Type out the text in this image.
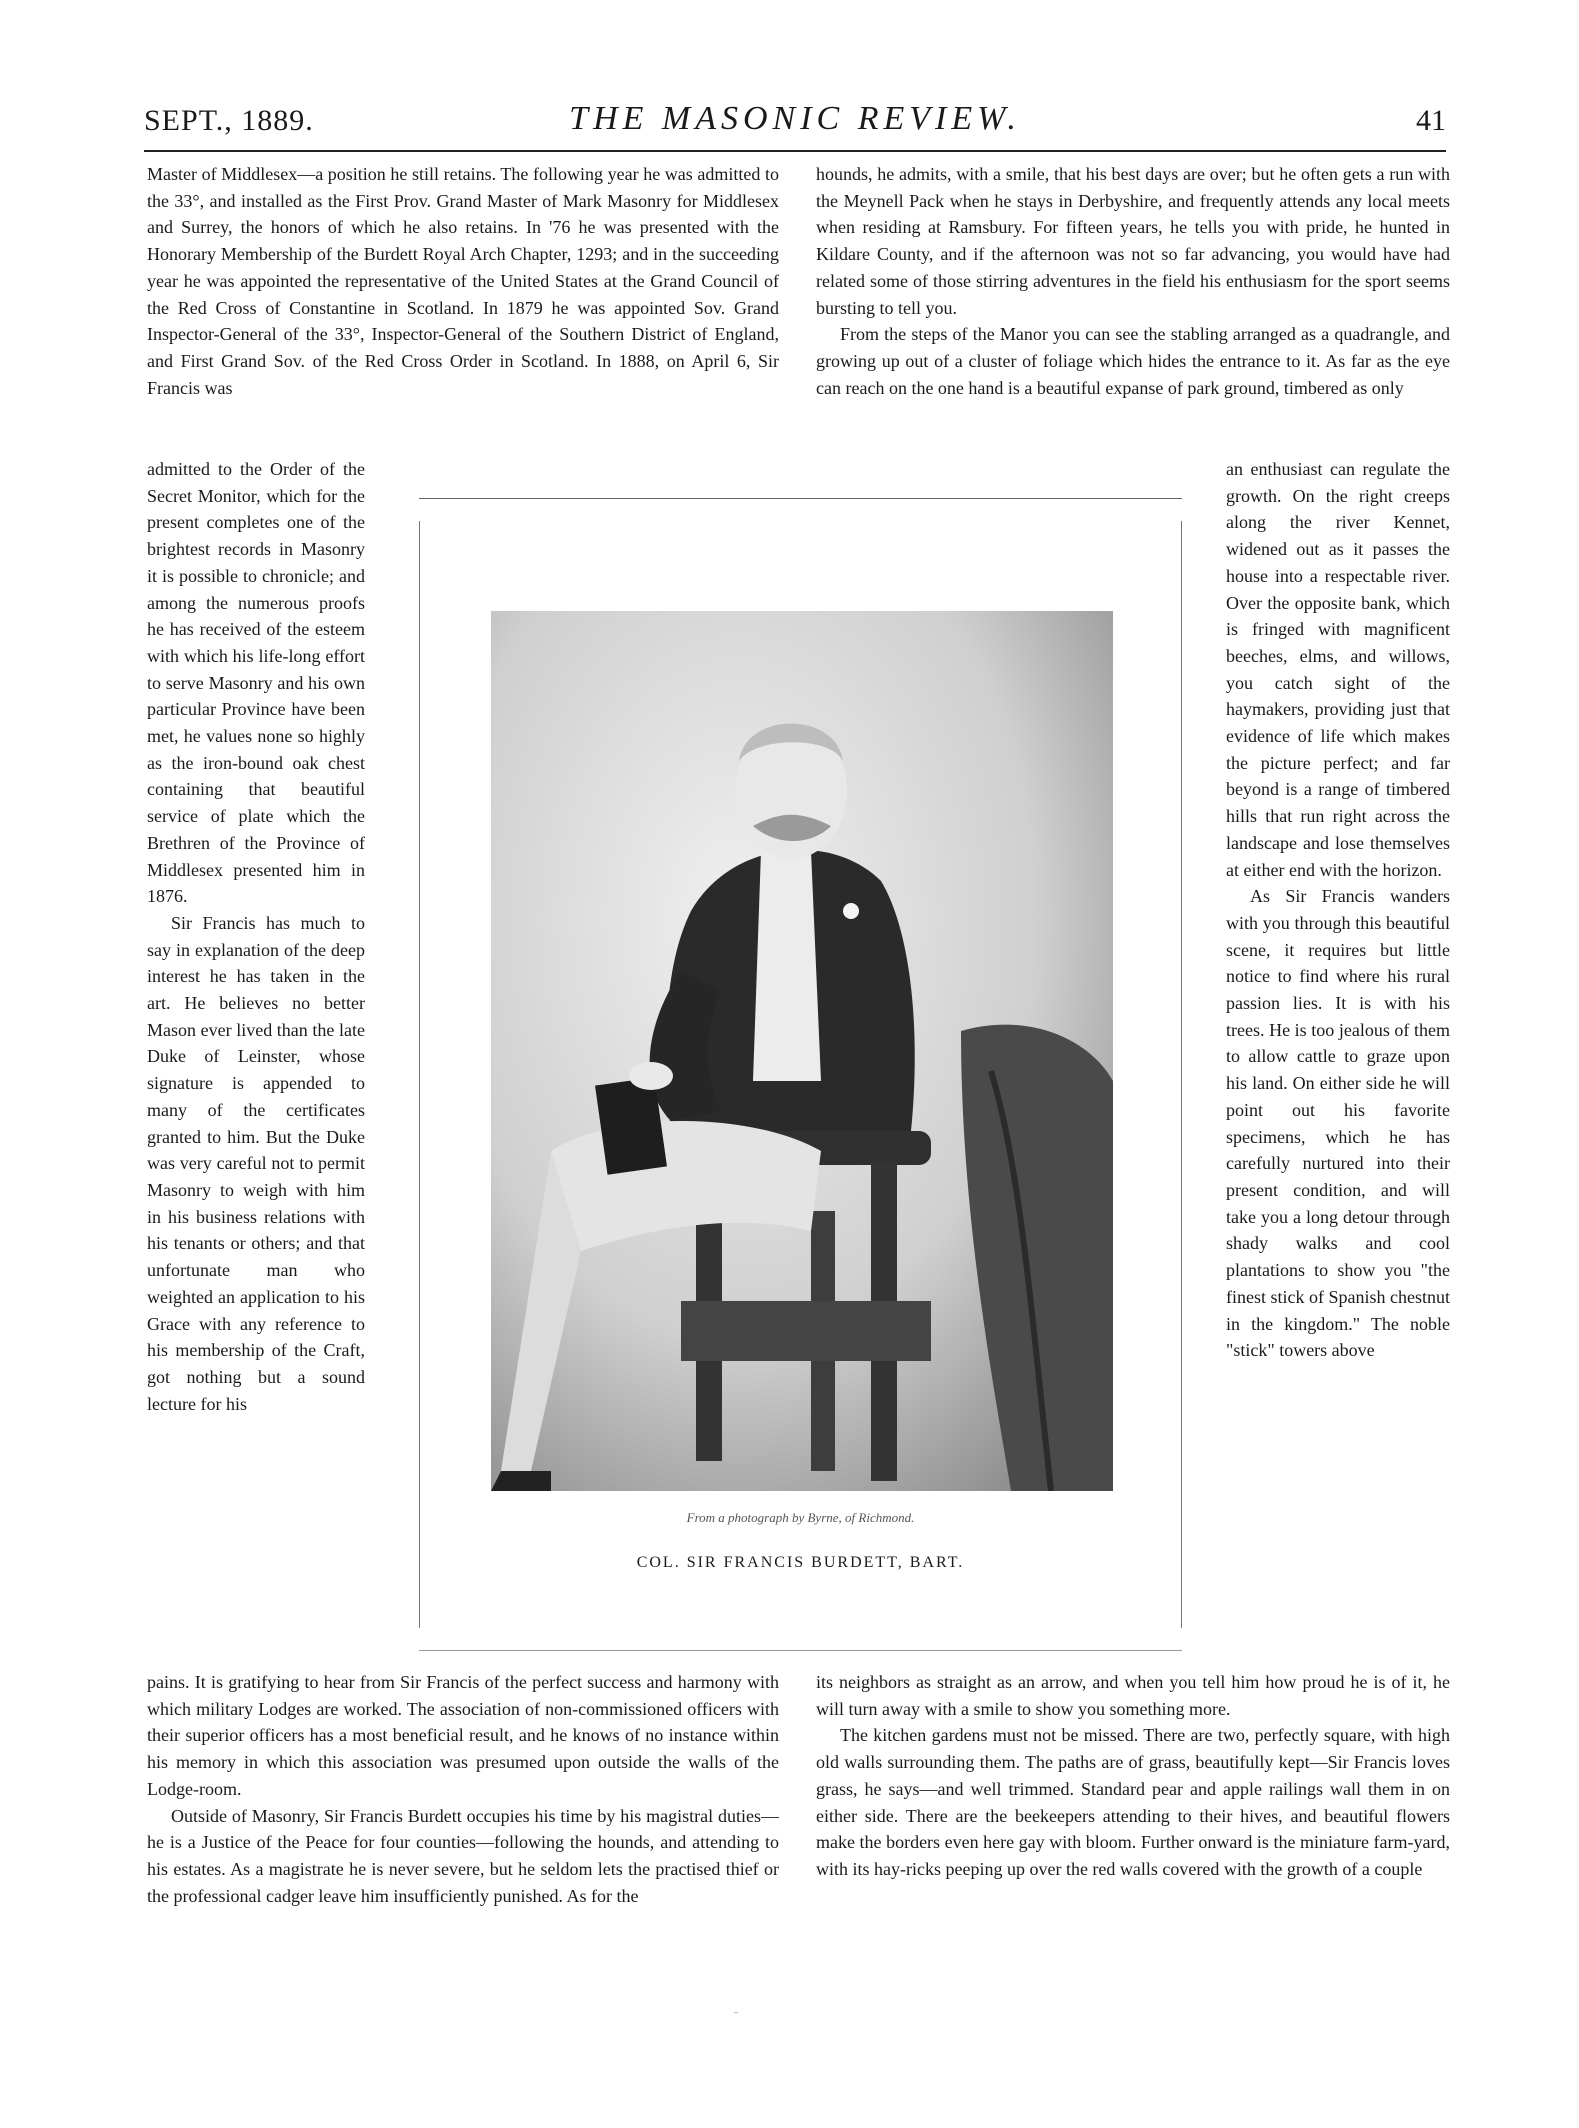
SEPT., 1889.	THE MASONIC REVIEW.	41

Master of Middlesex—a position he still retains. The following year he was admitted to the 33°, and installed as the First Prov. Grand Master of Mark Masonry for Middlesex and Surrey, the honors of which he also retains. In '76 he was presented with the Honorary Membership of the Burdett Royal Arch Chapter, 1293; and in the succeeding year he was appointed the representative of the United States at the Grand Council of the Red Cross of Constantine in Scotland. In 1879 he was appointed Sov. Grand Inspector-General of the 33°, Inspector-General of the Southern District of England, and First Grand Sov. of the Red Cross Order in Scotland. In 1888, on April 6, Sir Francis was

admitted to the Order of the Secret Monitor, which for the present completes one of the brightest records in Masonry it is possible to chronicle; and among the numerous proofs he has received of the esteem with which his life-long effort to serve Masonry and his own particular Province have been met, he values none so highly as the iron-bound oak chest containing that beautiful service of plate which the Brethren of the Province of Middlesex presented him in 1876.

Sir Francis has much to say in explanation of the deep interest he has taken in the art. He believes no better Mason ever lived than the late Duke of Leinster, whose signature is appended to many of the certificates granted to him. But the Duke was very careful not to permit Masonry to weigh with him in his business relations with his tenants or others; and that unfortunate man who weighted an application to his Grace with any reference to his membership of the Craft, got nothing but a sound lecture for his

pains. It is gratifying to hear from Sir Francis of the perfect success and harmony with which military Lodges are worked. The association of non-commissioned officers with their superior officers has a most beneficial result, and he knows of no instance within his memory in which this association was presumed upon outside the walls of the Lodge-room.

Outside of Masonry, Sir Francis Burdett occupies his time by his magistral duties—he is a Justice of the Peace for four counties—following the hounds, and attending to his estates. As a magistrate he is never severe, but he seldom lets the practised thief or the professional cadger leave him insufficiently punished. As for the

hounds, he admits, with a smile, that his best days are over; but he often gets a run with the Meynell Pack when he stays in Derbyshire, and frequently attends any local meets when residing at Ramsbury. For fifteen years, he tells you with pride, he hunted in Kildare County, and if the afternoon was not so far advancing, you would have had related some of those stirring adventures in the field his enthusiasm for the sport seems bursting to tell you.

From the steps of the Manor you can see the stabling arranged as a quadrangle, and growing up out of a cluster of foliage which hides the entrance to it. As far as the eye can reach on the one hand is a beautiful expanse of park ground, timbered as only

an enthusiast can regulate the growth. On the right creeps along the river Kennet, widened out as it passes the house into a respectable river. Over the opposite bank, which is fringed with magnificent beeches, elms, and willows, you catch sight of the haymakers, providing just that evidence of life which makes the picture perfect; and far beyond is a range of timbered hills that run right across the landscape and lose themselves at either end with the horizon.

As Sir Francis wanders with you through this beautiful scene, it requires but little notice to find where his rural passion lies. It is with his trees. He is too jealous of them to allow cattle to graze upon his land. On either side he will point out his favorite specimens, which he has carefully nurtured into their present condition, and will take you a long detour through shady walks and cool plantations to show you "the finest stick of Spanish chestnut in the kingdom." The noble "stick" towers above

its neighbors as straight as an arrow, and when you tell him how proud he is of it, he will turn away with a smile to show you something more.

The kitchen gardens must not be missed. There are two, perfectly square, with high old walls surrounding them. The paths are of grass, beautifully kept—Sir Francis loves grass, he says—and well trimmed. Standard pear and apple railings wall them in on either side. There are the beekeepers attending to their hives, and beautiful flowers make the borders even here gay with bloom. Further onward is the miniature farm-yard, with its hay-ricks peeping up over the red walls covered with the growth of a couple

From a photograph by Byrne, of Richmond.
COL. SIR FRANCIS BURDETT, BART.
